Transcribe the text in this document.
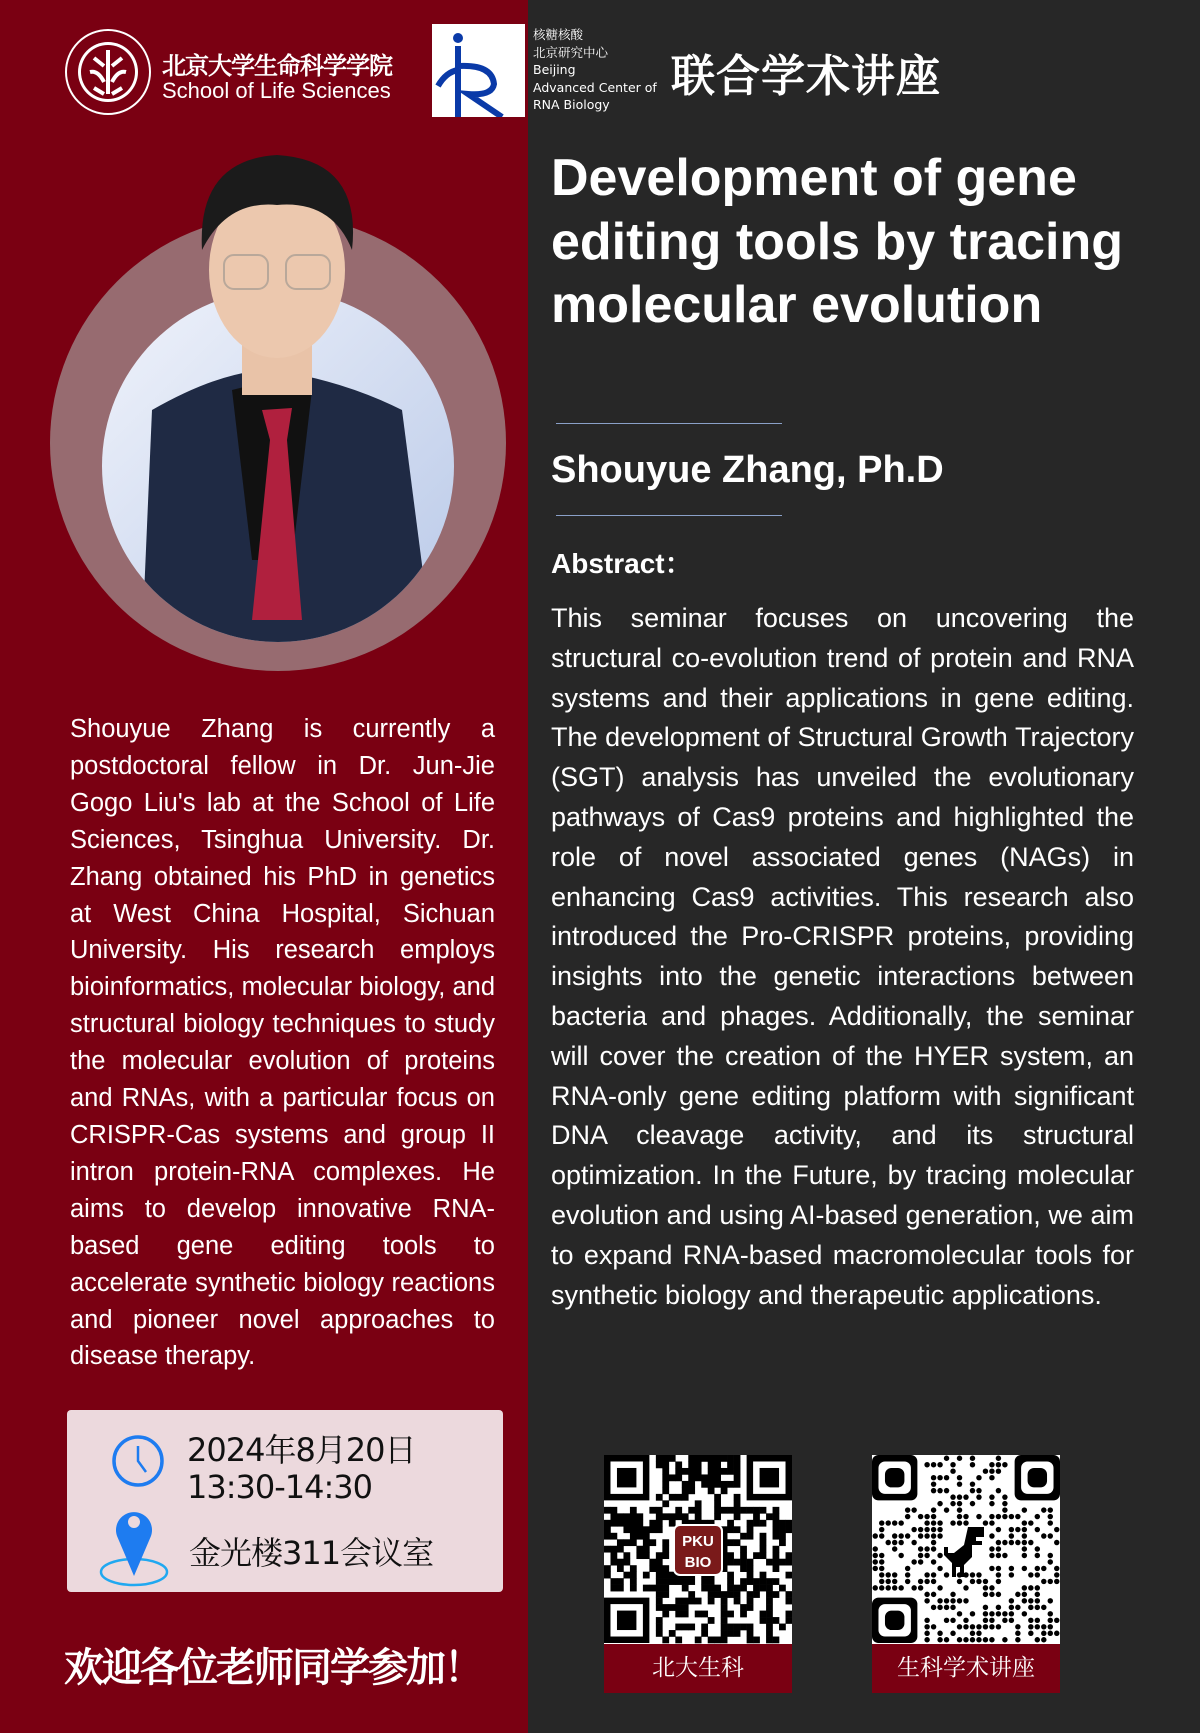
北京大学生命科学学院
School of Life Sciences
核糖核酸
北京研究中心
Beijing
Advanced Center of
RNA Biology
联合学术讲座
Shouyue Zhang is currently a postdoctoral fellow in Dr. Jun-Jie Gogo Liu's lab at the School of Life Sciences, Tsinghua University. Dr. Zhang obtained his PhD in genetics at West China Hospital, Sichuan University. His research employs bioinformatics, molecular biology, and structural biology techniques to study the molecular evolution of proteins and RNAs, with a particular focus on CRISPR-Cas systems and group II intron protein-RNA complexes. He aims to develop innovative RNA-based gene editing tools to accelerate synthetic biology reactions and pioneer novel approaches to disease therapy.
2024年8月20日
13:30-14:30
金光楼311会议室
欢迎各位老师同学参加！
Development of gene editing tools by tracing molecular evolution
Shouyue Zhang, Ph.D
Abstract：
This seminar focuses on uncovering the structural co-evolution trend of protein and RNA systems and their applications in gene editing. The development of Structural Growth Trajectory (SGT) analysis has unveiled the evolutionary pathways of Cas9 proteins and highlighted the role of novel associated genes (NAGs) in enhancing Cas9 activities. This research also introduced the Pro-CRISPR proteins, providing insights into the genetic interactions between bacteria and phages. Additionally, the seminar will cover the creation of the HYER system, an RNA-only gene editing platform with significant DNA cleavage activity, and its structural optimization. In the Future, by tracing molecular evolution and using AI-based generation, we aim to expand RNA-based macromolecular tools for synthetic biology and therapeutic applications.
PKU
BIO
北大生科	生科学术讲座
